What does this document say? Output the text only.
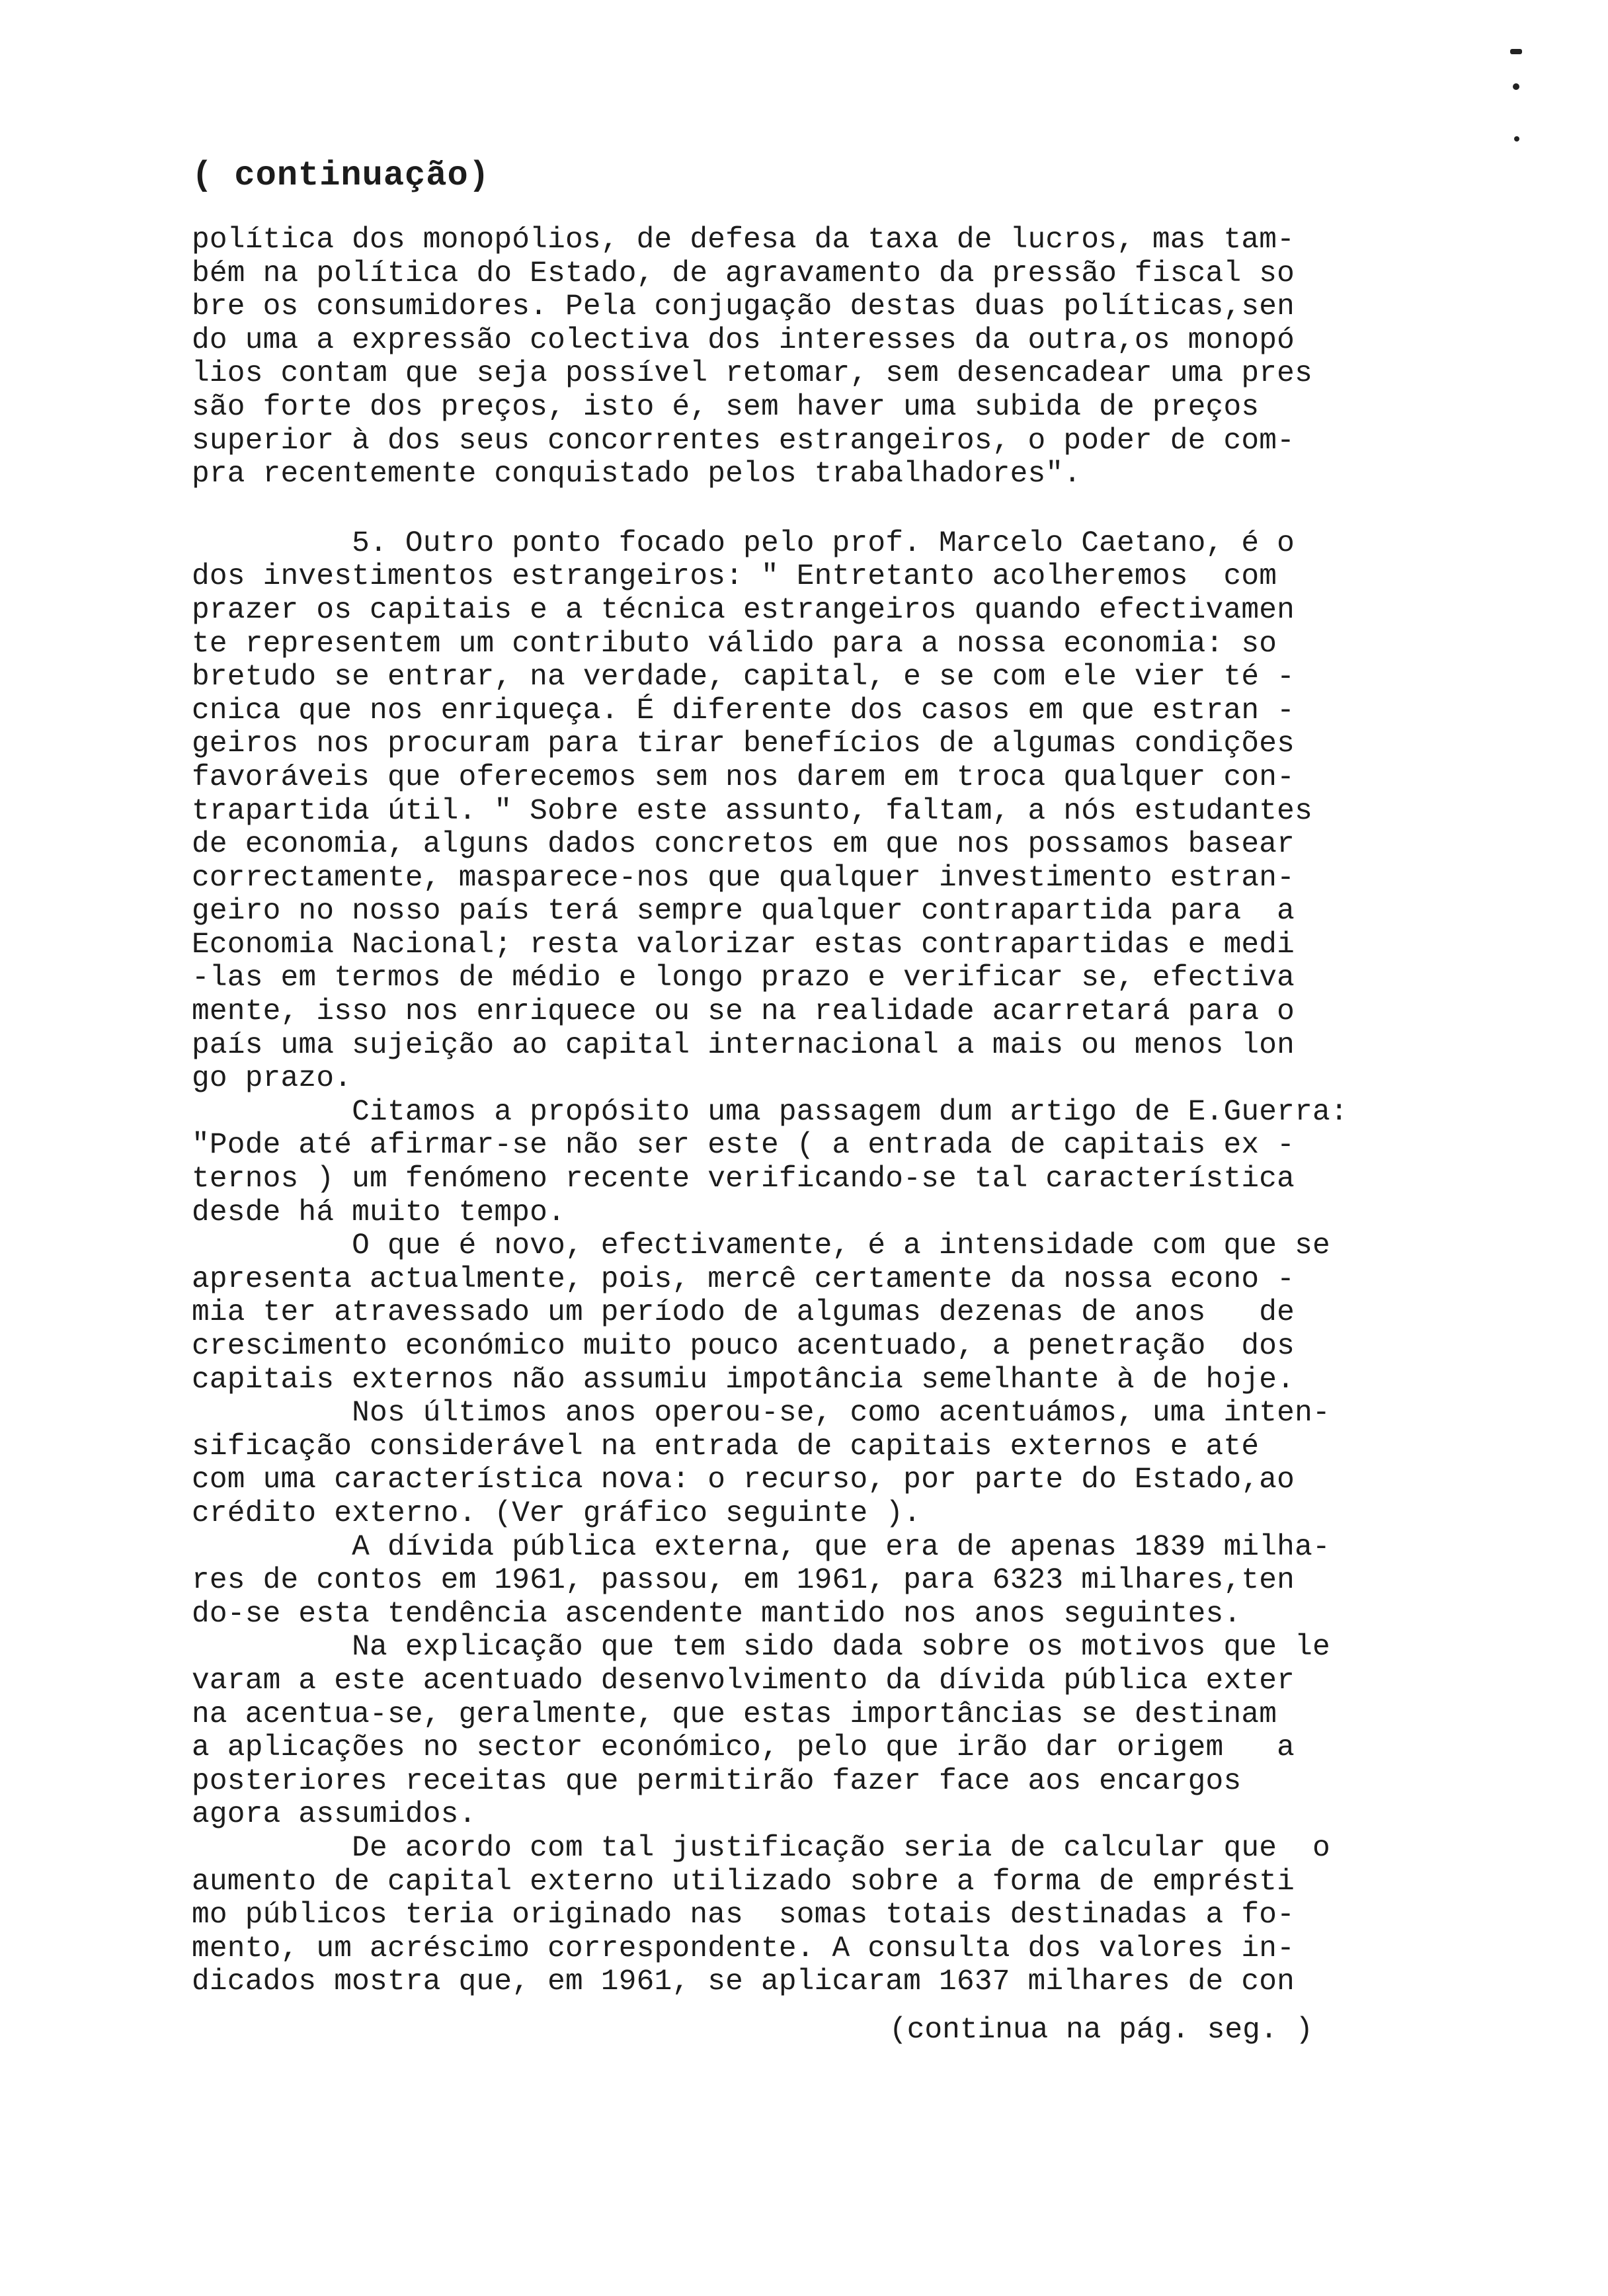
( continuação)
política dos monopólios, de defesa da taxa de lucros, mas tam-
bém na política do Estado, de agravamento da pressão fiscal so
bre os consumidores. Pela conjugação destas duas políticas,sen
do uma a expressão colectiva dos interesses da outra,os monopó
lios contam que seja possível retomar, sem desencadear uma pres
são forte dos preços, isto é, sem haver uma subida de preços
superior à dos seus concorrentes estrangeiros, o poder de com-
pra recentemente conquistado pelos trabalhadores".
5. Outro ponto focado pelo prof. Marcelo Caetano, é o
dos investimentos estrangeiros: " Entretanto acolheremos  com
prazer os capitais e a técnica estrangeiros quando efectivamen
te representem um contributo válido para a nossa economia: so
bretudo se entrar, na verdade, capital, e se com ele vier té -
cnica que nos enriqueça. É diferente dos casos em que estran -
geiros nos procuram para tirar benefícios de algumas condições
favoráveis que oferecemos sem nos darem em troca qualquer con-
trapartida útil. " Sobre este assunto, faltam, a nós estudantes
de economia, alguns dados concretos em que nos possamos basear
correctamente, masparece-nos que qualquer investimento estran-
geiro no nosso país terá sempre qualquer contrapartida para  a
Economia Nacional; resta valorizar estas contrapartidas e medi
-las em termos de médio e longo prazo e verificar se, efectiva
mente, isso nos enriquece ou se na realidade acarretará para o
país uma sujeição ao capital internacional a mais ou menos lon
go prazo.
Citamos a propósito uma passagem dum artigo de E.Guerra:
"Pode até afirmar-se não ser este ( a entrada de capitais ex -
ternos ) um fenómeno recente verificando-se tal característica
desde há muito tempo.
O que é novo, efectivamente, é a intensidade com que se
apresenta actualmente, pois, mercê certamente da nossa econo -
mia ter atravessado um período de algumas dezenas de anos   de
crescimento económico muito pouco acentuado, a penetração  dos
capitais externos não assumiu impotância semelhante à de hoje.
Nos últimos anos operou-se, como acentuámos, uma inten-
sificação considerável na entrada de capitais externos e até
com uma característica nova: o recurso, por parte do Estado,ao
crédito externo. (Ver gráfico seguinte ).
A dívida pública externa, que era de apenas 1839 milha-
res de contos em 1961, passou, em 1961, para 6323 milhares,ten
do-se esta tendência ascendente mantido nos anos seguintes.
Na explicação que tem sido dada sobre os motivos que le
varam a este acentuado desenvolvimento da dívida pública exter
na acentua-se, geralmente, que estas importâncias se destinam
a aplicações no sector económico, pelo que irão dar origem   a
posteriores receitas que permitirão fazer face aos encargos
agora assumidos.
De acordo com tal justificação seria de calcular que  o
aumento de capital externo utilizado sobre a forma de emprésti
mo públicos teria originado nas  somas totais destinadas a fo-
mento, um acréscimo correspondente. A consulta dos valores in-
dicados mostra que, em 1961, se aplicaram 1637 milhares de con
(continua na pág. seg. )
